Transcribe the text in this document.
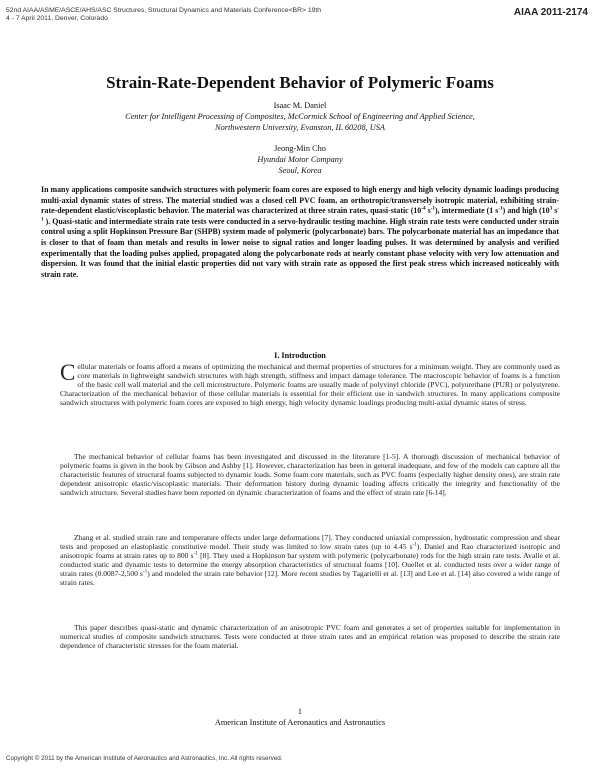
52nd AIAA/ASME/ASCE/AHS/ASC Structures, Structural Dynamics and Materials Conference<BR> 19th
4 - 7 April 2011, Denver, Colorado
AIAA 2011-2174
Strain-Rate-Dependent Behavior of Polymeric Foams
Isaac M. Daniel
Center for Intelligent Processing of Composites, McCormick School of Engineering and Applied Science,
Northwestern University, Evanston, IL 60208, USA
Jeong-Min Cho
Hyundai Motor Company
Seoul, Korea
In many applications composite sandwich structures with polymeric foam cores are exposed to high energy and high velocity dynamic loadings producing multi-axial dynamic states of stress. The material studied was a closed cell PVC foam, an orthotropic/transversely isotropic material, exhibiting strain-rate-dependent elastic/viscoplastic behavior. The material was characterized at three strain rates, quasi-static ($10^{-4}$ $s^{-1}$), intermediate (1 $s^{-1}$) and high ($10^3$ $s^{-1}$ ). Quasi-static and intermediate strain rate tests were conducted in a servo-hydraulic testing machine. High strain rate tests were conducted under strain control using a split Hopkinson Pressure Bar (SHPB) system made of polymeric (polycarbonate) bars. The polycarbonate material has an impedance that is closer to that of foam than metals and results in lower noise to signal ratios and longer loading pulses. It was determined by analysis and verified experimentally that the loading pulses applied, propagated along the polycarbonate rods at nearly constant phase velocity with very low attenuation and dispersion. It was found that the initial elastic properties did not vary with strain rate as opposed the first peak stress which increased noticeably with strain rate.
I. Introduction
Cellular materials or foams afford a means of optimizing the mechanical and thermal properties of structures for a minimum weight. They are commonly used as core materials in lightweight sandwich structures with high strength, stiffness and impact damage tolerance. The macroscopic behavior of foams is a function of the basic cell wall material and the cell microstructure. Polymeric foams are usually made of polyvinyl chloride (PVC), polyurethane (PUR) or polystyrene. Characterization of the mechanical behavior of these cellular materials is essential for their efficient use in sandwich structures. In many applications composite sandwich structures with polymeric foam cores are exposed to high energy, high velocity dynamic loadings producing multi-axial dynamic states of stress.
The mechanical behavior of cellular foams has been investigated and discussed in the literature [1-5]. A thorough discussion of mechanical behavior of polymeric foams is given in the book by Gibson and Ashby [1]. However, characterization has been in general inadequate, and few of the models can capture all the characteristic features of structural foams subjected to dynamic loads. Some foam core materials, such as PVC foams (especially higher density ones), are strain rate dependent anisotropic elastic/viscoplastic materials. Their deformation history during dynamic loading affects critically the integrity and functionality of the sandwich structure. Several studies have been reported on dynamic characterization of foams and the effect of strain rate [6-14].
Zhang et al. studied strain rate and temperature effects under large deformations [7]. They conducted uniaxial compression, hydrostatic compression and shear tests and proposed an elastoplastic constitutive model. Their study was limited to low strain rates (up to 4.45 $s^{-1}$). Daniel and Rao characterized isotropic and anisotropic foams at strain rates up to 800 $s^{-1}$ [8]. They used a Hopkinson bar system with polymeric (polycarbonate) rods for the high strain rate tests. Avalle et al. conducted static and dynamic tests to determine the energy absorption characteristics of structural foams [10]. Ouellet et al. conducted tests over a wider range of strain rates (0.0087-2,500 $s^{-1}$) and modeled the strain rate behavior [12]. More recent studies by Tagarielli et al. [13] and Lee et al. [14] also covered a wide range of strain rates.
This paper describes quasi-static and dynamic characterization of an anisotropic PVC foam and generates a set of properties suitable for implementation in numerical studies of composite sandwich structures. Tests were conducted at three strain rates and an empirical relation was proposed to describe the strain rate dependence of characteristic stresses for the foam material.
1
American Institute of Aeronautics and Astronautics
Copyright © 2011 by the American Institute of Aeronautics and Astronautics, Inc. All rights reserved.
